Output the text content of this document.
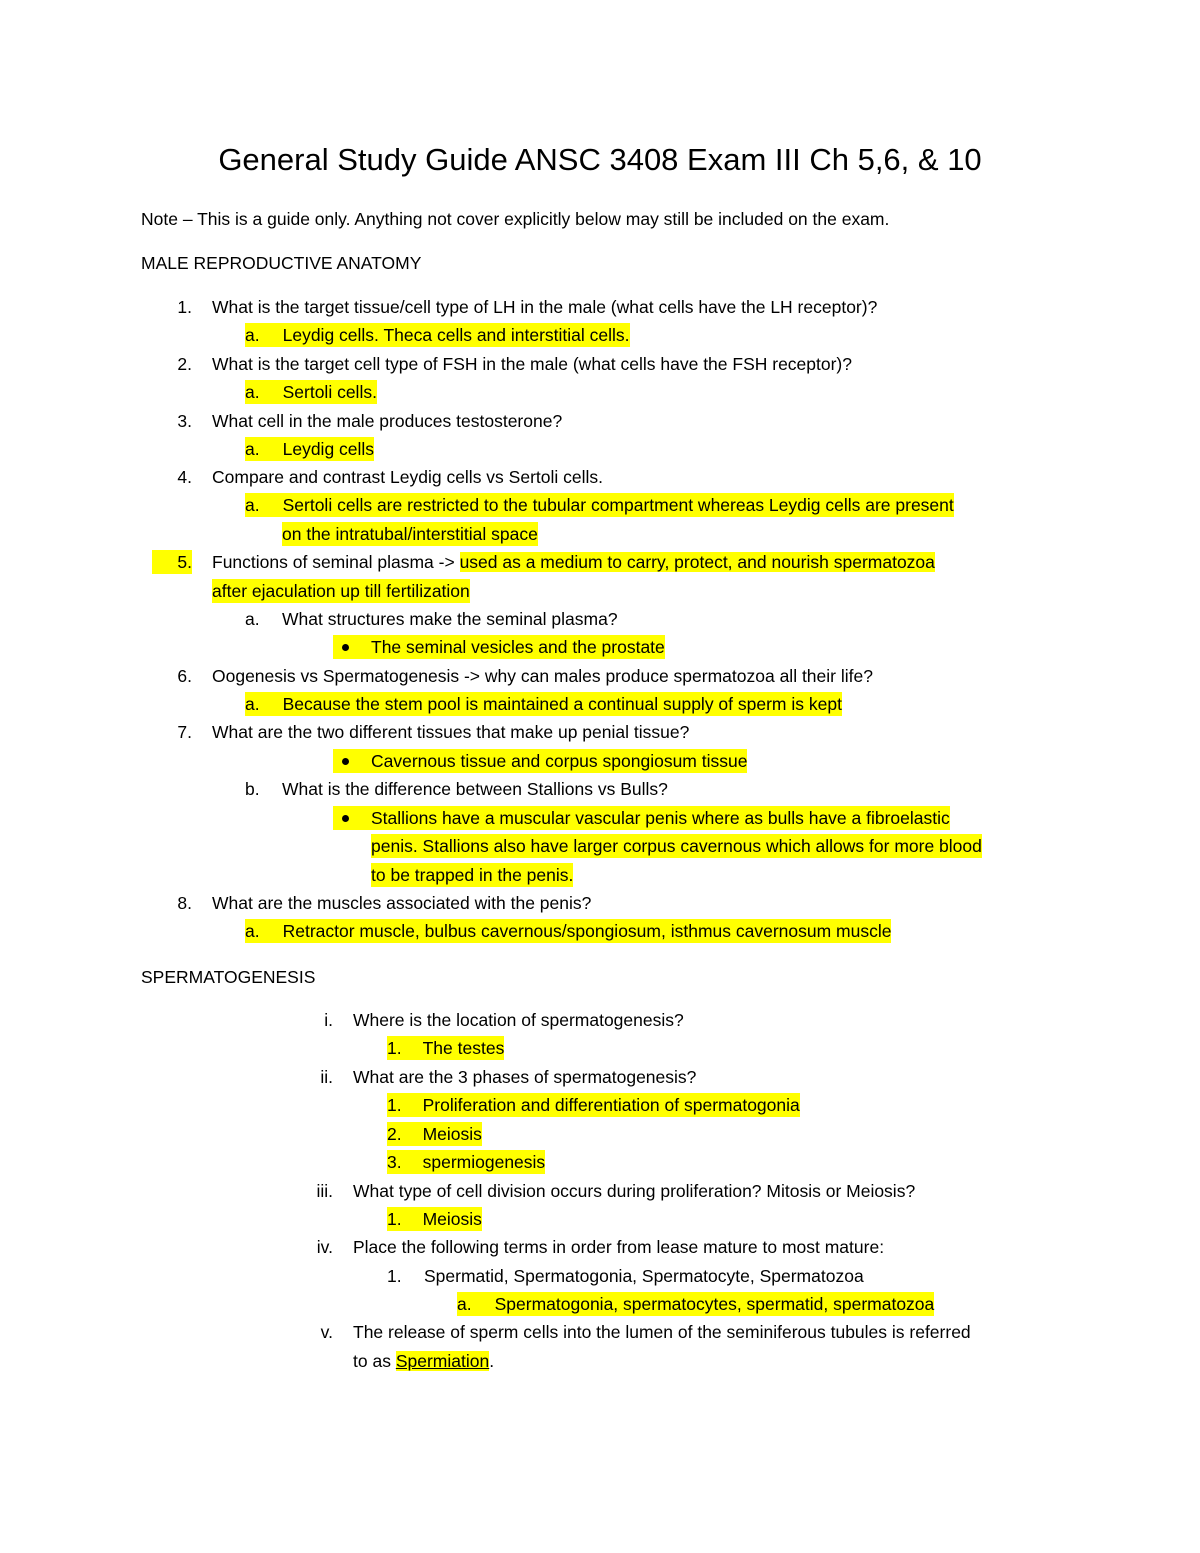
General Study Guide ANSC 3408 Exam III Ch 5,6, & 10
Note – This is a guide only. Anything not cover explicitly below may still be included on the exam.
MALE REPRODUCTIVE ANATOMY
1. What is the target tissue/cell type of LH in the male (what cells have the LH receptor)?
a. Leydig cells. Theca cells and interstitial cells.
2. What is the target cell type of FSH in the male (what cells have the FSH receptor)?
a. Sertoli cells.
3. What cell in the male produces testosterone?
a. Leydig cells
4. Compare and contrast Leydig cells vs Sertoli cells.
a. Sertoli cells are restricted to the tubular compartment whereas Leydig cells are present
on the intratubal/interstitial space
5. Functions of seminal plasma -> used as a medium to carry, protect, and nourish spermatozoa
after ejaculation up till fertilization
a. What structures make the seminal plasma?
The seminal vesicles and the prostate
6. Oogenesis vs Spermatogenesis -> why can males produce spermatozoa all their life?
a. Because the stem pool is maintained a continual supply of sperm is kept
7. What are the two different tissues that make up penial tissue?
Cavernous tissue and corpus spongiosum tissue
b. What is the difference between Stallions vs Bulls?
Stallions have a muscular vascular penis where as bulls have a fibroelastic
penis. Stallions also have larger corpus cavernous which allows for more blood
to be trapped in the penis.
8. What are the muscles associated with the penis?
a. Retractor muscle, bulbus cavernous/spongiosum, isthmus cavernosum muscle
SPERMATOGENESIS
i. Where is the location of spermatogenesis?
1. The testes
ii. What are the 3 phases of spermatogenesis?
1. Proliferation and differentiation of spermatogonia
2. Meiosis
3. spermiogenesis
iii. What type of cell division occurs during proliferation? Mitosis or Meiosis?
1. Meiosis
iv. Place the following terms in order from lease mature to most mature:
1. Spermatid, Spermatogonia, Spermatocyte, Spermatozoa
a. Spermatogonia, spermatocytes, spermatid, spermatozoa
v. The release of sperm cells into the lumen of the seminiferous tubules is referred
to as Spermiation.
